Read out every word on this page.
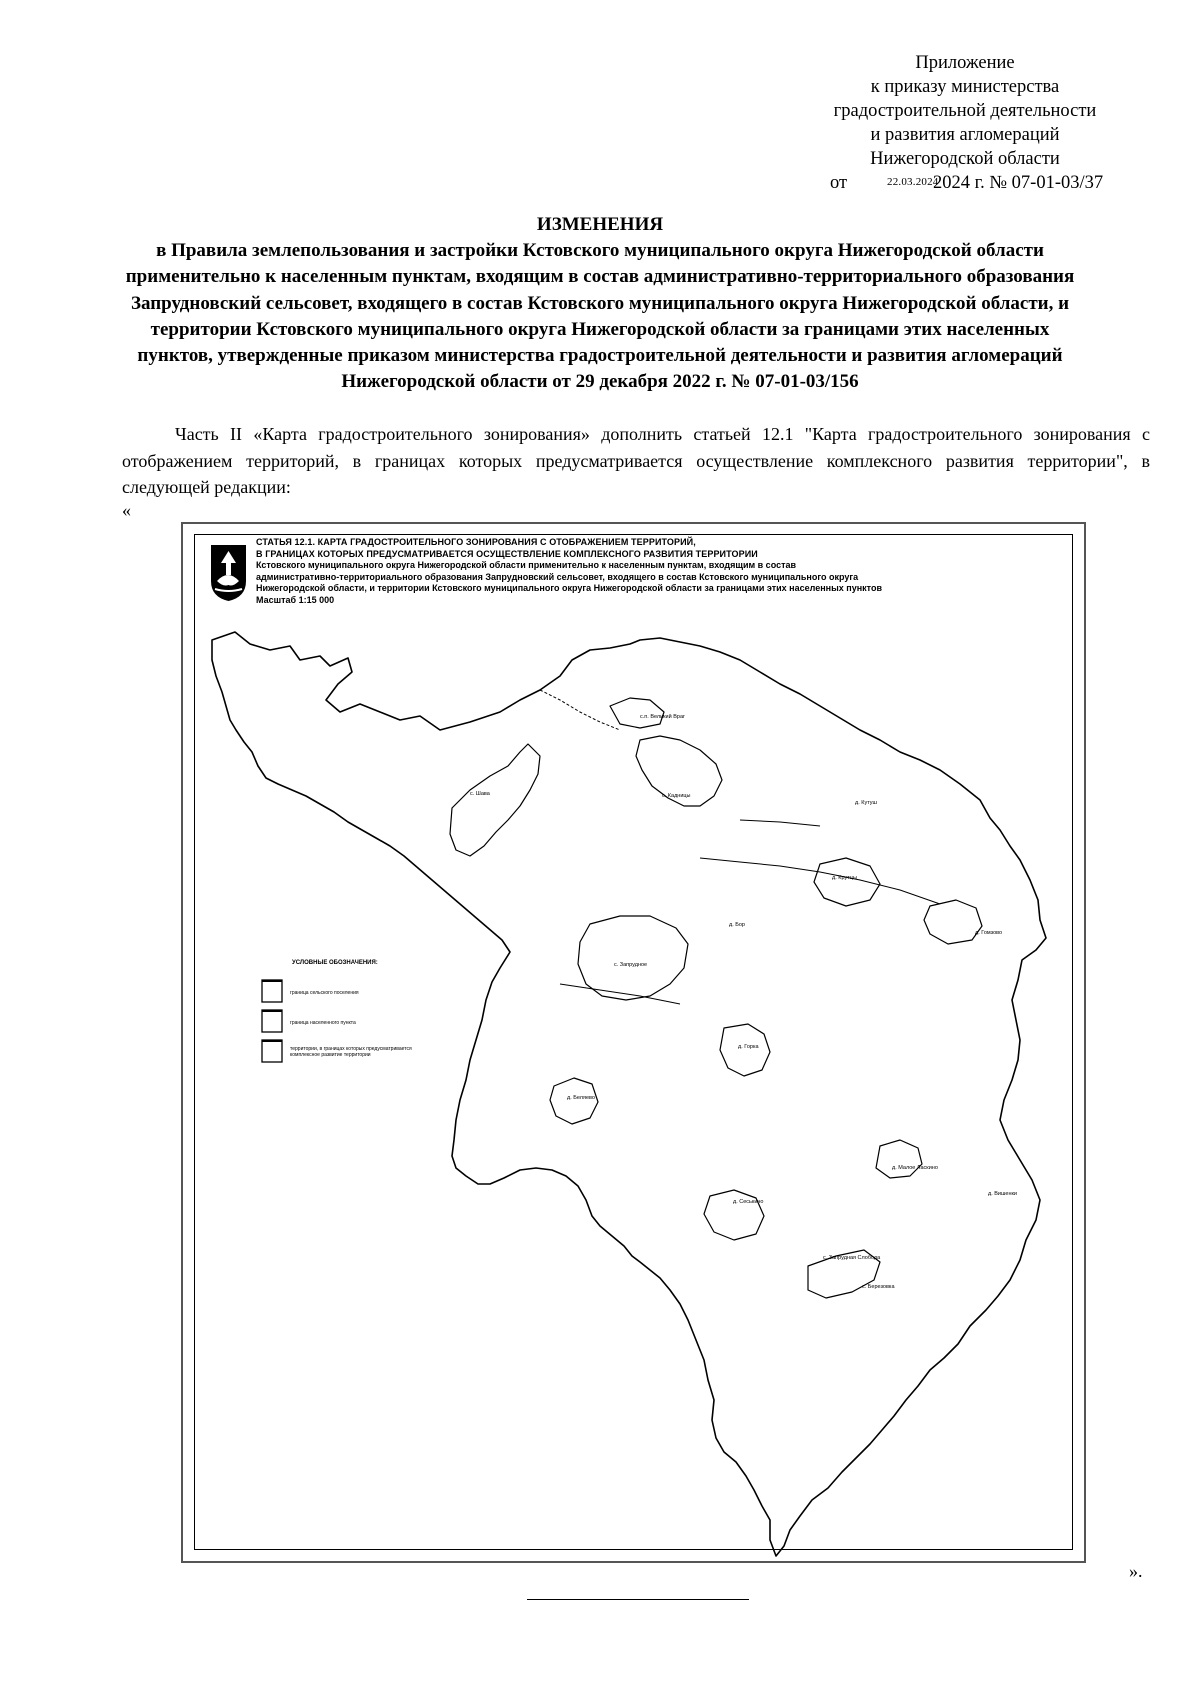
Приложение
к приказу министерства
градостроительной деятельности
и развития агломераций
Нижегородской области
от	22.03.2024
2024 г. № 07-01-03/37
ИЗМЕНЕНИЯ
в Правила землепользования и застройки Кстовского муниципального округа Нижегородской области
применительно к населенным пунктам, входящим в состав административно-территориального образования
Запрудновский сельсовет, входящего в состав Кстовского муниципального округа Нижегородской области, и
территории Кстовского муниципального округа Нижегородской области за границами этих населенных
пунктов, утвержденные приказом министерства градостроительной деятельности и развития агломераций
Нижегородской области от 29 декабря 2022 г. № 07-01-03/156
Часть II «Карта градостроительного зонирования» дополнить статьей 12.1 "Карта градостроительного зонирования с отображением территорий, в границах которых предусматривается осуществление комплексного развития территории", в следующей редакции:
«
СТАТЬЯ 12.1. КАРТА ГРАДОСТРОИТЕЛЬНОГО ЗОНИРОВАНИЯ С ОТОБРАЖЕНИЕМ ТЕРРИТОРИЙ,
В ГРАНИЦАХ КОТОРЫХ ПРЕДУСМАТРИВАЕТСЯ ОСУЩЕСТВЛЕНИЕ КОМПЛЕКСНОГО РАЗВИТИЯ ТЕРРИТОРИИ
Кстовского муниципального округа Нижегородской области применительно к населенным пунктам, входящим в состав
административно-территориального образования Запрудновский сельсовет, входящего в состав Кстовского муниципального округа
Нижегородской области, и территории Кстовского муниципального округа Нижегородской области за границами этих населенных пунктов
Масштаб 1:15 000
УСЛОВНЫЕ ОБОЗНАЧЕНИЯ:
граница сельского поселения
граница населенного пункта
территории, в границах которых предусматривается комплексное развитие территории
с.п. Великий Враг
с. Шава	с. Кадницы
д. Кутуш
д. Крутцы
д. Гомзово
с. Запрудное
д. Бор
д. Горка
д. Беляево
д. Малое Ласкино
д. Вишенки
д. Сеськино
с. Запрудная Слобода
с. Березовка
».
